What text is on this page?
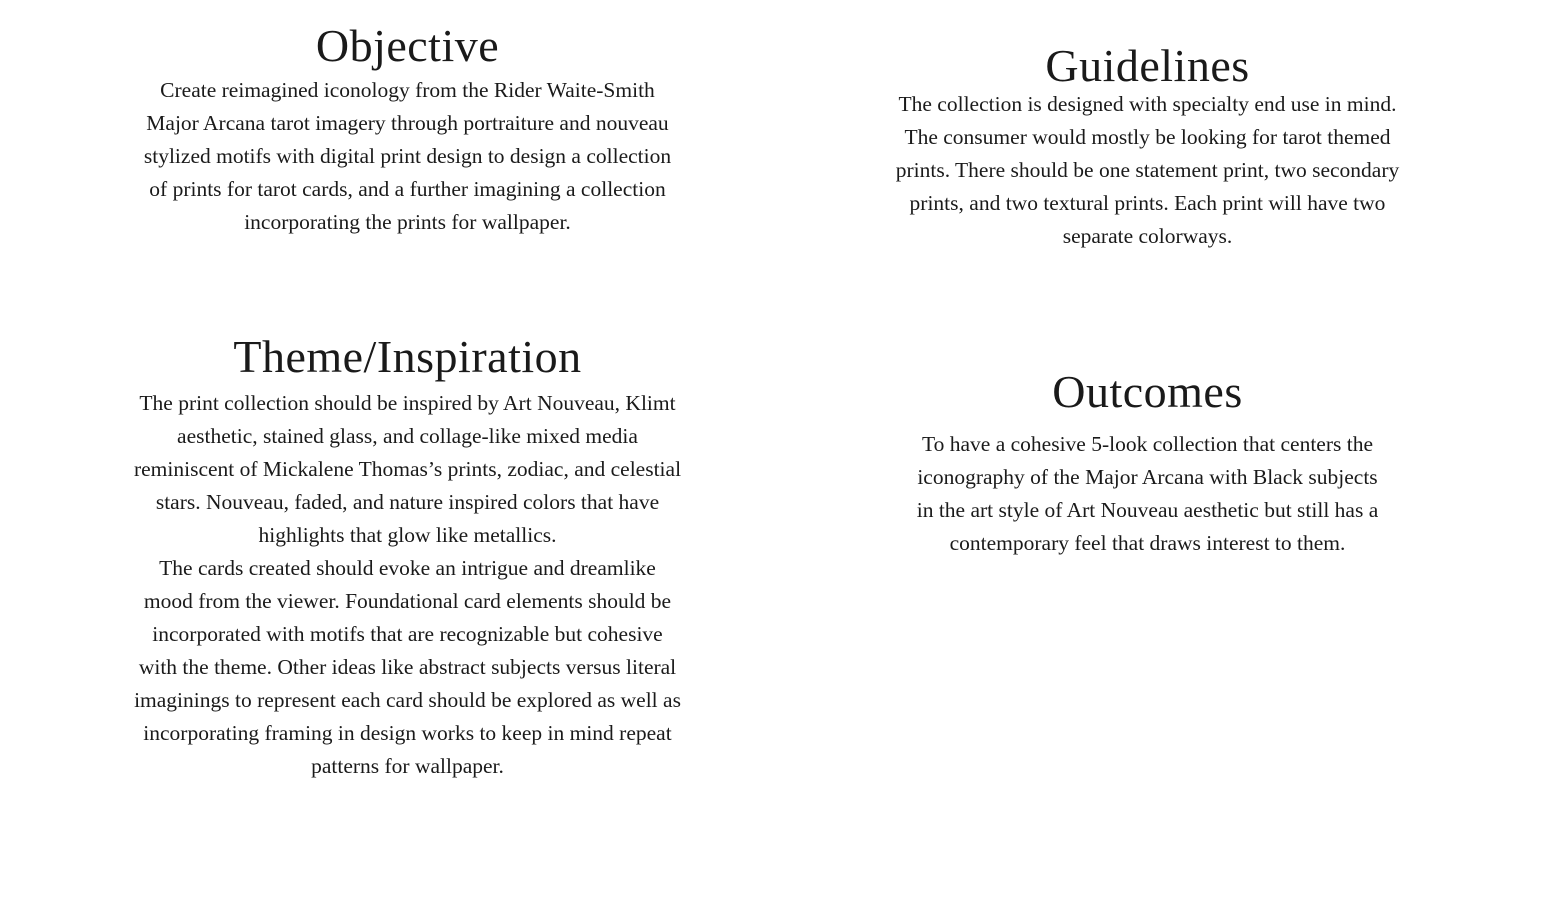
Objective
Create reimagined iconology from the Rider Waite-Smith
Major Arcana tarot imagery through portraiture and nouveau
stylized motifs with digital print design to design a collection
of prints for tarot cards, and a further imagining a collection
incorporating the prints for wallpaper.
Guidelines
The collection is designed with specialty end use in mind.
The consumer would mostly be looking for tarot themed
prints. There should be one statement print, two secondary
prints, and two textural prints. Each print will have two
separate colorways.
Theme/Inspiration
The print collection should be inspired by Art Nouveau, Klimt
aesthetic, stained glass, and collage-like mixed media
reminiscent of Mickalene Thomas’s prints, zodiac, and celestial
stars. Nouveau, faded, and nature inspired colors that have
highlights that glow like metallics.
The cards created should evoke an intrigue and dreamlike
mood from the viewer. Foundational card elements should be
incorporated with motifs that are recognizable but cohesive
with the theme. Other ideas like abstract subjects versus literal
imaginings to represent each card should be explored as well as
incorporating framing in design works to keep in mind repeat
patterns for wallpaper.
Outcomes
To have a cohesive 5-look collection that centers the
iconography of the Major Arcana with Black subjects
in the art style of Art Nouveau aesthetic but still has a
contemporary feel that draws interest to them.
